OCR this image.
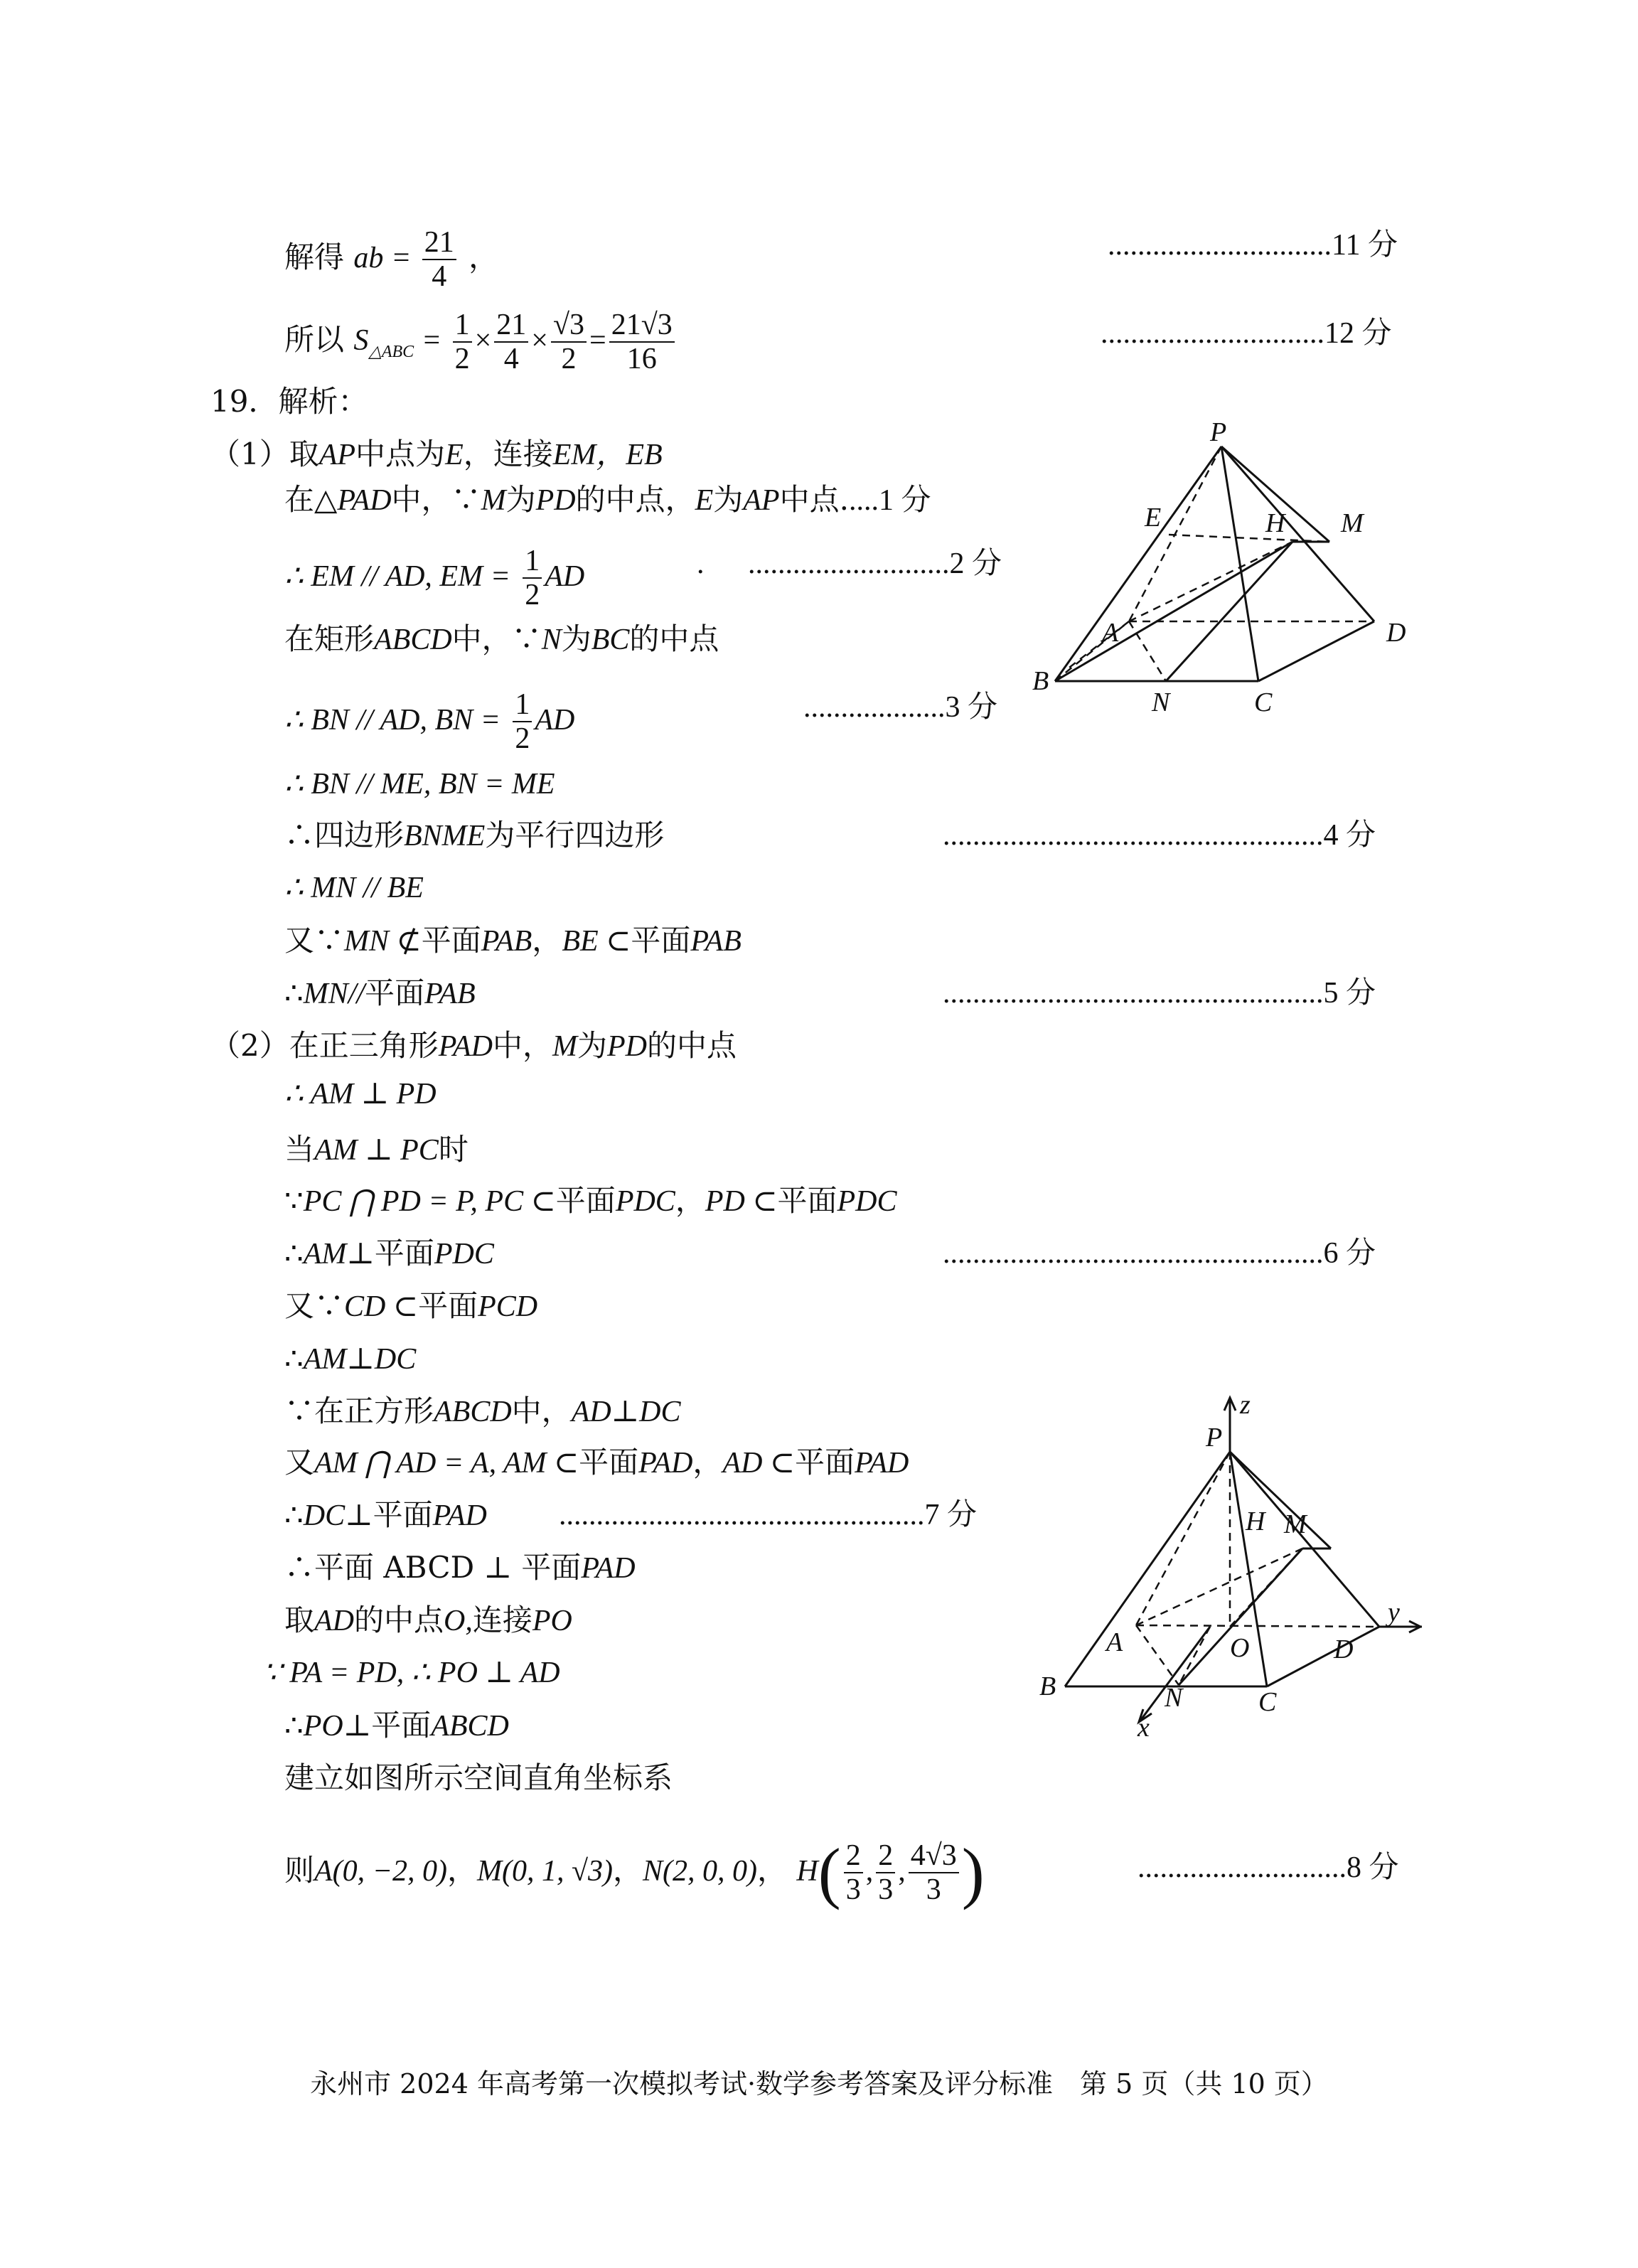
解得 ab = $\frac{21}{4}$ ，	..............................11 分
所以 $S_{\triangle ABC} = \frac{1}{2} \times \frac{21}{4} \times \frac{√3}{2} = \frac{21√3}{16}$	..............................12 分
19．解析：
（1）取AP中点为E，连接EM，EB
在△PAD中，∵M为PD的中点，E为AP中点.....1 分
∴ EM // AD, EM = $\frac{1}{2}$ AD	. ...........................2 分
在矩形ABCD中，∵N为BC的中点
∴ BN // AD, BN = $\frac{1}{2}$ AD	...................3 分
∴ BN // ME, BN = ME
∴四边形BNME为平行四边形	...................................................4 分
∴ MN // BE
又∵MN ⊄平面PAB，BE ⊂平面PAB
∴MN//平面PAB	...................................................5 分
（2）在正三角形PAD中，M为PD的中点
∴ AM ⊥ PD
当AM ⊥ PC时
∵PC ⋂ PD = P, PC ⊂平面PDC，PD ⊂平面PDC
∴AM⊥平面PDC	...................................................6 分
又∵CD ⊂平面PCD
∴AM⊥DC
∵在正方形ABCD中，AD⊥DC
又AM ⋂ AD = A, AM ⊂平面PAD，AD ⊂平面PAD
∴DC⊥平面PAD .................................................7 分
∴平面 ABCD ⊥ 平面PAD
取AD的中点O,连接PO
∵ PA = PD, ∴ PO ⊥ AD
∴PO⊥平面ABCD
建立如图所示空间直角坐标系
则A(0, −2, 0)，M(0, 1, √3)，N(2, 0, 0)， $H( \frac{2}{3}$ , $\frac{2}{3}$ , $\frac{4√3}{3}$ )	............................8 分
P
E	H M
A	D
B
N	C
z
P
H M
A	O	D
y
B	N	C
x
永州市 2024 年高考第一次模拟考试·数学参考答案及评分标准　第 5 页（共 10 页）
